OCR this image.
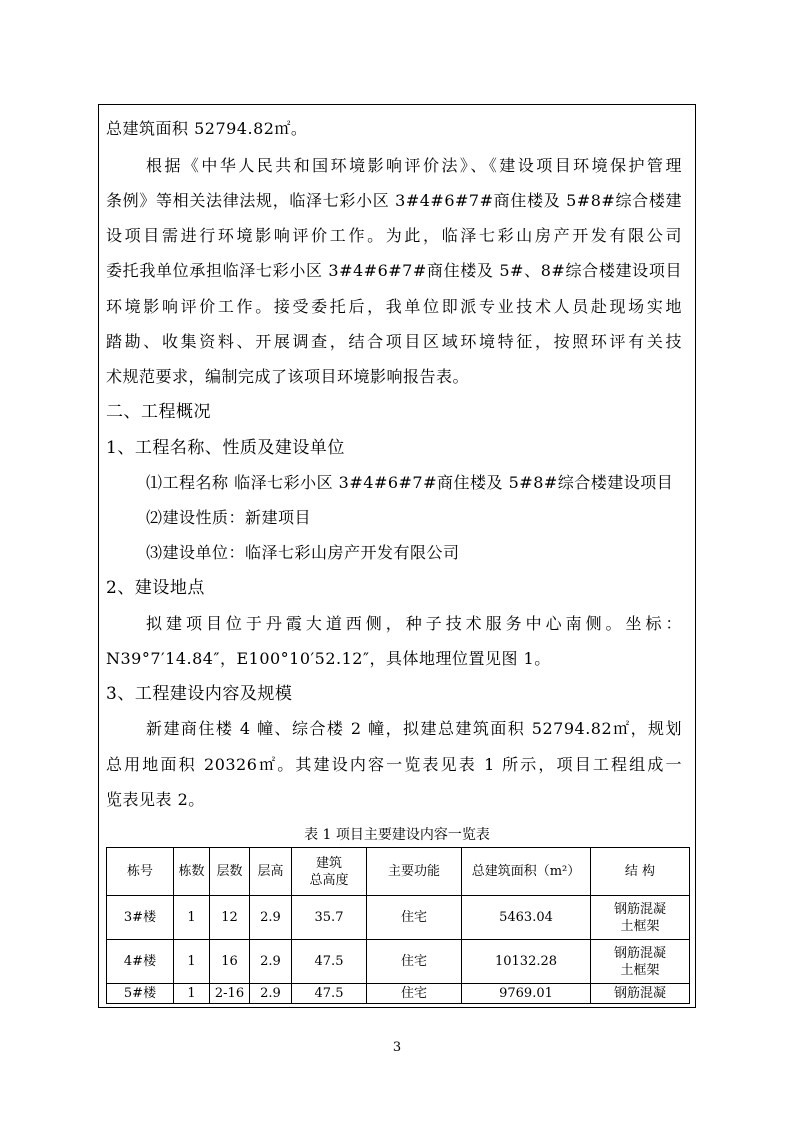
总建筑面积 52794.82㎡。
根据《中华人民共和国环境影响评价法》、《建设项目环境保护管理
条例》等相关法律法规，临泽七彩小区 3#4#6#7#商住楼及 5#8#综合楼建
设项目需进行环境影响评价工作。为此，临泽七彩山房产开发有限公司
委托我单位承担临泽七彩小区 3#4#6#7#商住楼及 5#、8#综合楼建设项目
环境影响评价工作。接受委托后，我单位即派专业技术人员赴现场实地
踏勘、收集资料、开展调查，结合项目区域环境特征，按照环评有关技
术规范要求，编制完成了该项目环境影响报告表。
二、工程概况
1、工程名称、性质及建设单位
⑴工程名称 临泽七彩小区 3#4#6#7#商住楼及 5#8#综合楼建设项目
⑵建设性质：新建项目
⑶建设单位：临泽七彩山房产开发有限公司
2、建设地点
拟建项目位于丹霞大道西侧，种子技术服务中心南侧。坐标：
N39°7′14.84″，E100°10′52.12″，具体地理位置见图 1。
3、工程建设内容及规模
新建商住楼 4 幢、综合楼 2 幢，拟建总建筑面积 52794.82㎡，规划
总用地面积 20326㎡。其建设内容一览表见表 1 所示，项目工程组成一
览表见表 2。
表 1 项目主要建设内容一览表
栋号	栋数	层数	层高	建筑
总高度	主要功能	总建筑面积（m²）	结 构
3#楼	1	12	2.9	35.7	住宅	5463.04	钢筋混凝
土框架

4#楼	1	16	2.9	47.5	住宅	10132.28	钢筋混凝
土框架

5#楼	1	2-16	2.9	47.5	住宅	9769.01	钢筋混凝
3
